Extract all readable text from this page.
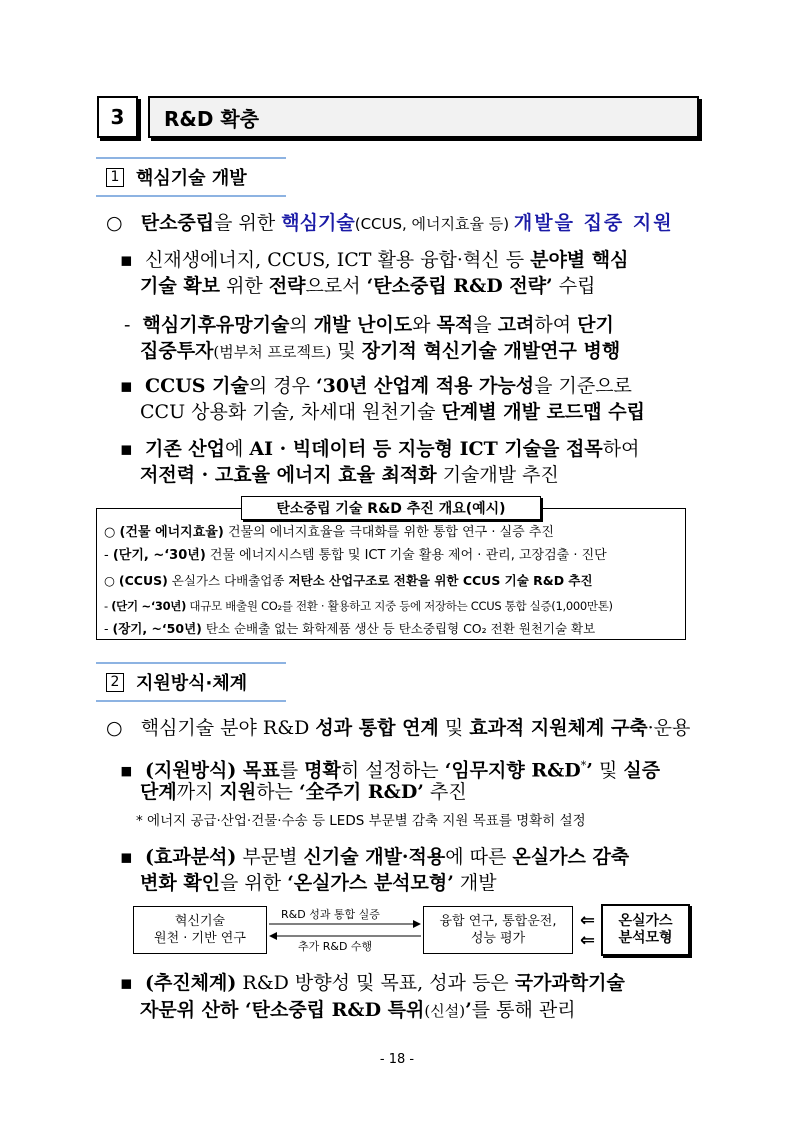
3	R&D 확충
1 핵심기술 개발
○ 탄소중립을 위한 핵심기술(CCUS, 에너지효율 등) 개발을 집중 지원
▪ 신재생에너지, CCUS, ICT 활용 융합·혁신 등 분야별 핵심
기술 확보 위한 전략으로서 ‘탄소중립 R&D 전략’ 수립
- 핵심기후유망기술의 개발 난이도와 목적을 고려하여 단기
집중투자(범부처 프로젝트) 및 장기적 혁신기술 개발연구 병행
▪ CCUS 기술의 경우 ‘30년 산업계 적용 가능성을 기준으로
CCU 상용화 기술, 차세대 원천기술 단계별 개발 로드맵 수립
▪ 기존 산업에 AI · 빅데이터 등 지능형 ICT 기술을 접목하여
저전력 · 고효율 에너지 효율 최적화 기술개발 추진
탄소중립 기술 R&D 추진 개요(예시)
○ (건물 에너지효율) 건물의 에너지효율을 극대화를 위한 통합 연구 · 실증 추진
- (단기, ~‘30년) 건물 에너지시스템 통합 및 ICT 기술 활용 제어 · 관리, 고장검출 · 진단
○ (CCUS) 온실가스 다배출업종 저탄소 산업구조로 전환을 위한 CCUS 기술 R&D 추진
- (단기 ~‘30년) 대규모 배출원 CO₂를 전환 · 활용하고 지중 등에 저장하는 CCUS 통합 실증(1,000만톤)
- (장기, ~‘50년) 탄소 순배출 없는 화학제품 생산 등 탄소중립형 CO₂ 전환 원천기술 확보
2 지원방식·체계
○ 핵심기술 분야 R&D 성과 통합 연계 및 효과적 지원체계 구축·운용
▪ (지원방식) 목표를 명확히 설정하는 ‘임무지향 R&D*’ 및 실증
단계까지 지원하는 ‘全주기 R&D’ 추진
* 에너지 공급·산업·건물·수송 등 LEDS 부문별 감축 지원 목표를 명확히 설정
▪ (효과분석) 부문별 신기술 개발·적용에 따른 온실가스 감축
변화 확인을 위한 ‘온실가스 분석모형’ 개발
혁신기술
원천 · 기반 연구
R&D 성과 통합 실증
추가 R&D 수행
융합 연구, 통합운전,
성능 평가
⇐
⇐
온실가스
분석모형
▪ (추진체계) R&D 방향성 및 목표, 성과 등은 국가과학기술
자문위 산하 ‘탄소중립 R&D 특위(신설)’를 통해 관리
- 18 -
